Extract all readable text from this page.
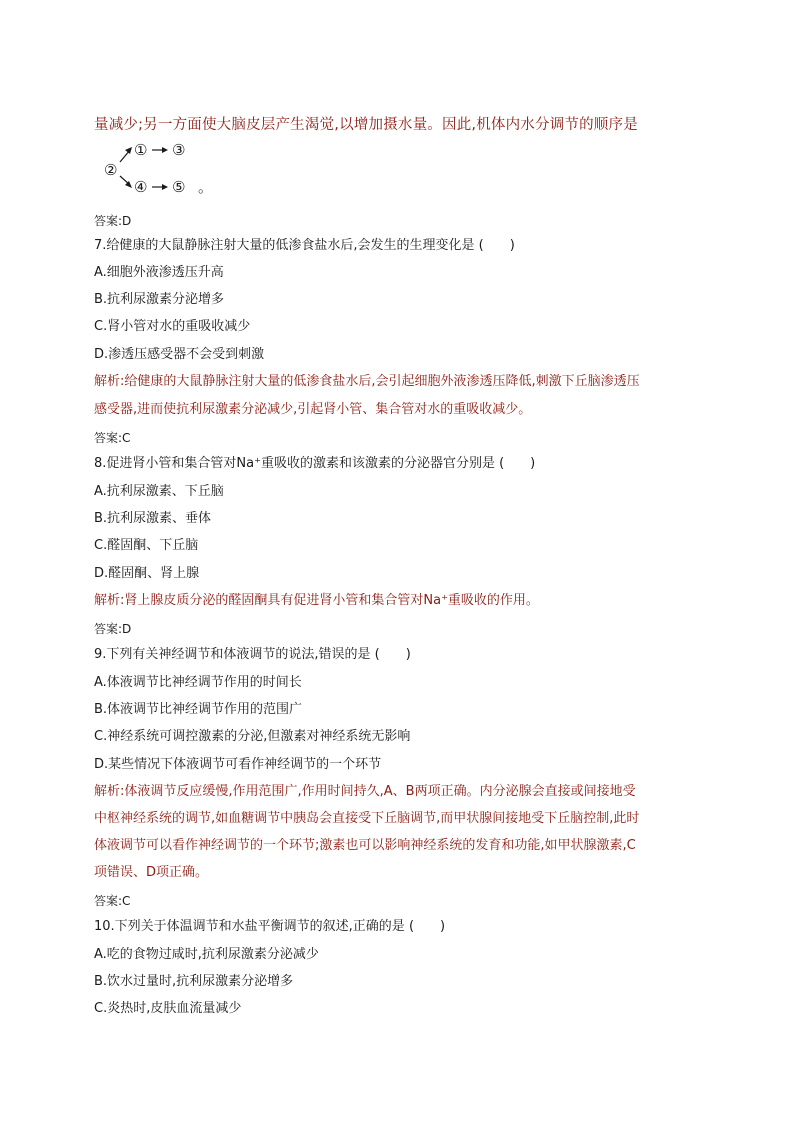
量减少;另一方面使大脑皮层产生渴觉,以增加摄水量。因此,机体内水分调节的顺序是
②
① ③
④ ⑤ 。
答案:D
7.给健康的大鼠静脉注射大量的低渗食盐水后,会发生的生理变化是 (　　)
A.细胞外液渗透压升高
B.抗利尿激素分泌增多
C.肾小管对水的重吸收减少
D.渗透压感受器不会受到刺激
解析:给健康的大鼠静脉注射大量的低渗食盐水后,会引起细胞外液渗透压降低,刺激下丘脑渗透压
感受器,进而使抗利尿激素分泌减少,引起肾小管、集合管对水的重吸收减少。
答案:C
8.促进肾小管和集合管对Na⁺重吸收的激素和该激素的分泌器官分别是 (　　)
A.抗利尿激素、下丘脑
B.抗利尿激素、垂体
C.醛固酮、下丘脑
D.醛固酮、肾上腺
解析:肾上腺皮质分泌的醛固酮具有促进肾小管和集合管对Na⁺重吸收的作用。
答案:D
9.下列有关神经调节和体液调节的说法,错误的是 (　　)
A.体液调节比神经调节作用的时间长
B.体液调节比神经调节作用的范围广
C.神经系统可调控激素的分泌,但激素对神经系统无影响
D.某些情况下体液调节可看作神经调节的一个环节
解析:体液调节反应缓慢,作用范围广,作用时间持久,A、B两项正确。内分泌腺会直接或间接地受
中枢神经系统的调节,如血糖调节中胰岛会直接受下丘脑调节,而甲状腺间接地受下丘脑控制,此时
体液调节可以看作神经调节的一个环节;激素也可以影响神经系统的发育和功能,如甲状腺激素,C
项错误、D项正确。
答案:C
10.下列关于体温调节和水盐平衡调节的叙述,正确的是 (　　)
A.吃的食物过咸时,抗利尿激素分泌减少
B.饮水过量时,抗利尿激素分泌增多
C.炎热时,皮肤血流量减少
